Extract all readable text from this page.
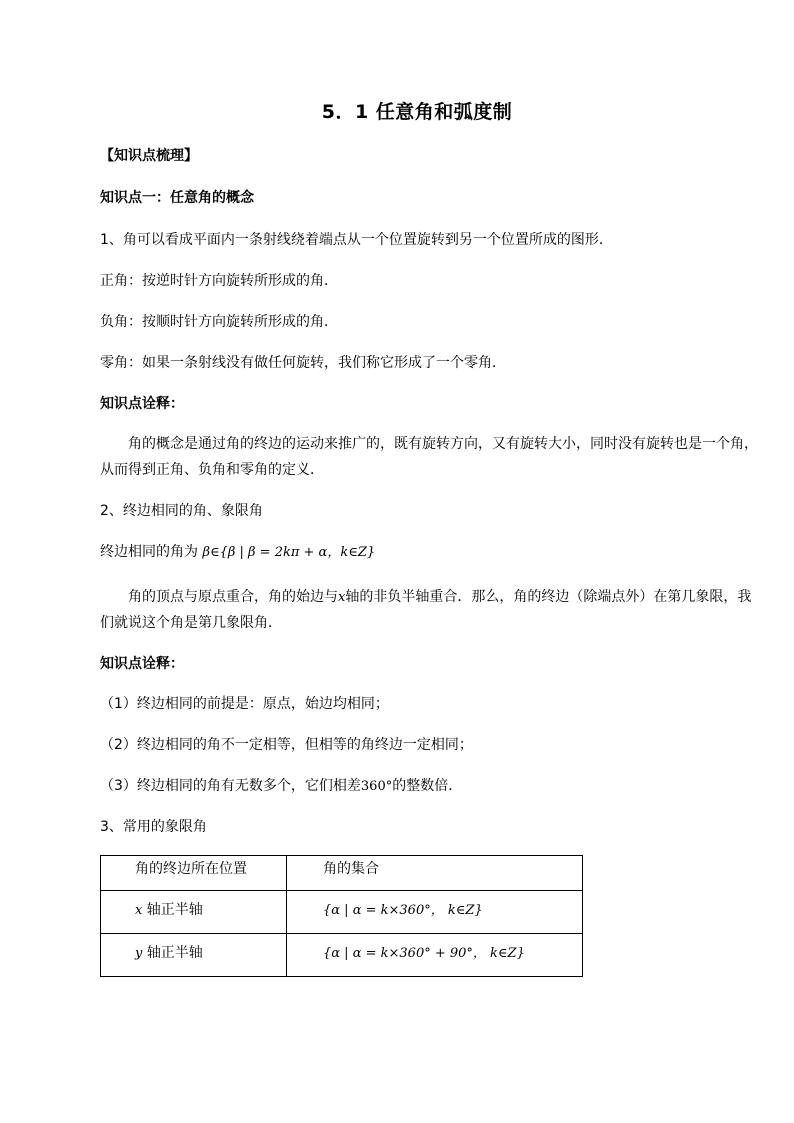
5．1 任意角和弧度制
【知识点梳理】
知识点一：任意角的概念
1、角可以看成平面内一条射线绕着端点从一个位置旋转到另一个位置所成的图形．
正角：按逆时针方向旋转所形成的角．
负角：按顺时针方向旋转所形成的角．
零角：如果一条射线没有做任何旋转，我们称它形成了一个零角．
知识点诠释：
角的概念是通过角的终边的运动来推广的，既有旋转方向，又有旋转大小，同时没有旋转也是一个角，
从而得到正角、负角和零角的定义．
2、终边相同的角、象限角
终边相同的角为 β∈{β | β = 2kπ + α，k∈Z}
角的顶点与原点重合，角的始边与x轴的非负半轴重合．那么，角的终边（除端点外）在第几象限，我
们就说这个角是第几象限角．
知识点诠释：
（1）终边相同的前提是：原点，始边均相同；
（2）终边相同的角不一定相等，但相等的角终边一定相同；
（3）终边相同的角有无数多个，它们相差360°的整数倍．
3、常用的象限角
角的终边所在位置	角的集合
x 轴正半轴	{α | α = k×360°， k∈Z}
y 轴正半轴	{α | α = k×360° + 90°， k∈Z}
